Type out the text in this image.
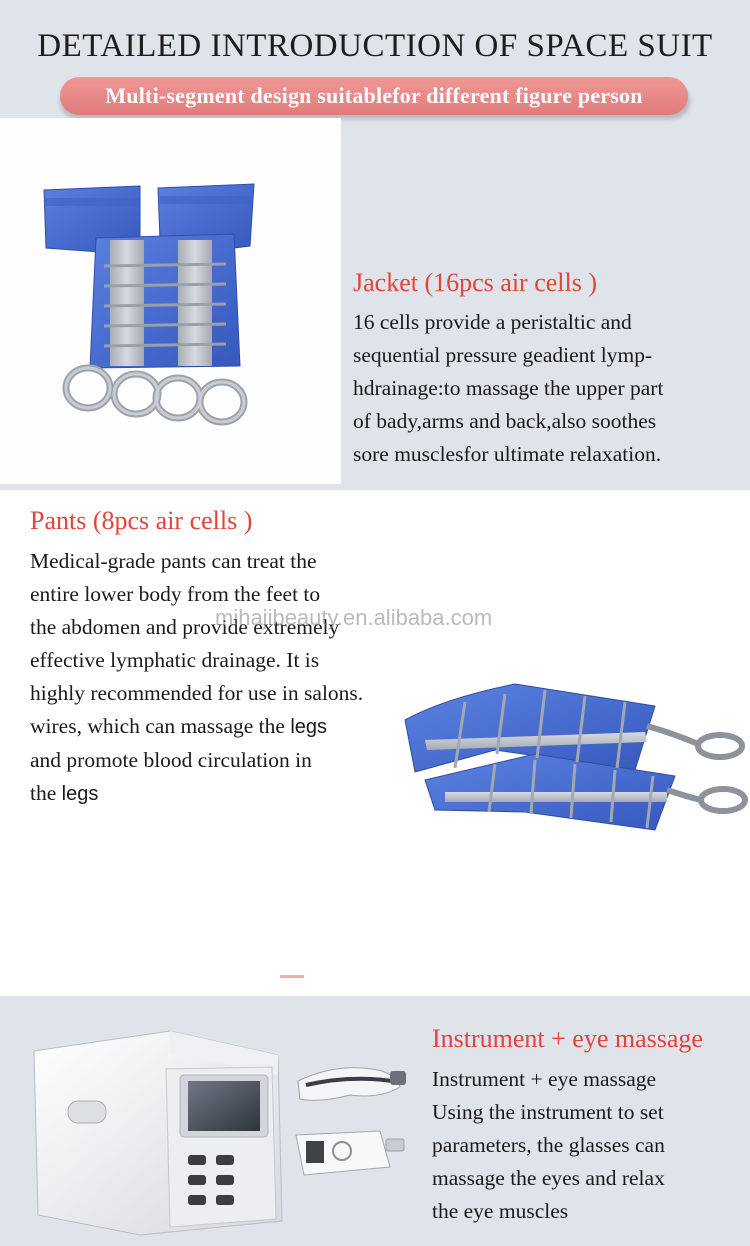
DETAILED INTRODUCTION OF SPACE SUIT
Multi-segment design suitablefor different figure person
Jacket (16pcs air cells )
16 cells provide a peristaltic and
sequential pressure geadient lymp-
hdrainage:to massage the upper part
of bady,arms and back,also soothes
sore musclesfor ultimate relaxation.
Pants (8pcs air cells )
Medical-grade pants can treat the
entire lower body from the feet to
the abdomen and provide extremely
effective lymphatic drainage. It is
highly recommended for use in salons.
wires, which can massage the legs
and promote blood circulation in
the legs
mihajibeauty.en.alibaba.com
Instrument + eye massage
Instrument + eye massage
Using the instrument to set
parameters, the glasses can
massage the eyes and relax
the eye muscles
